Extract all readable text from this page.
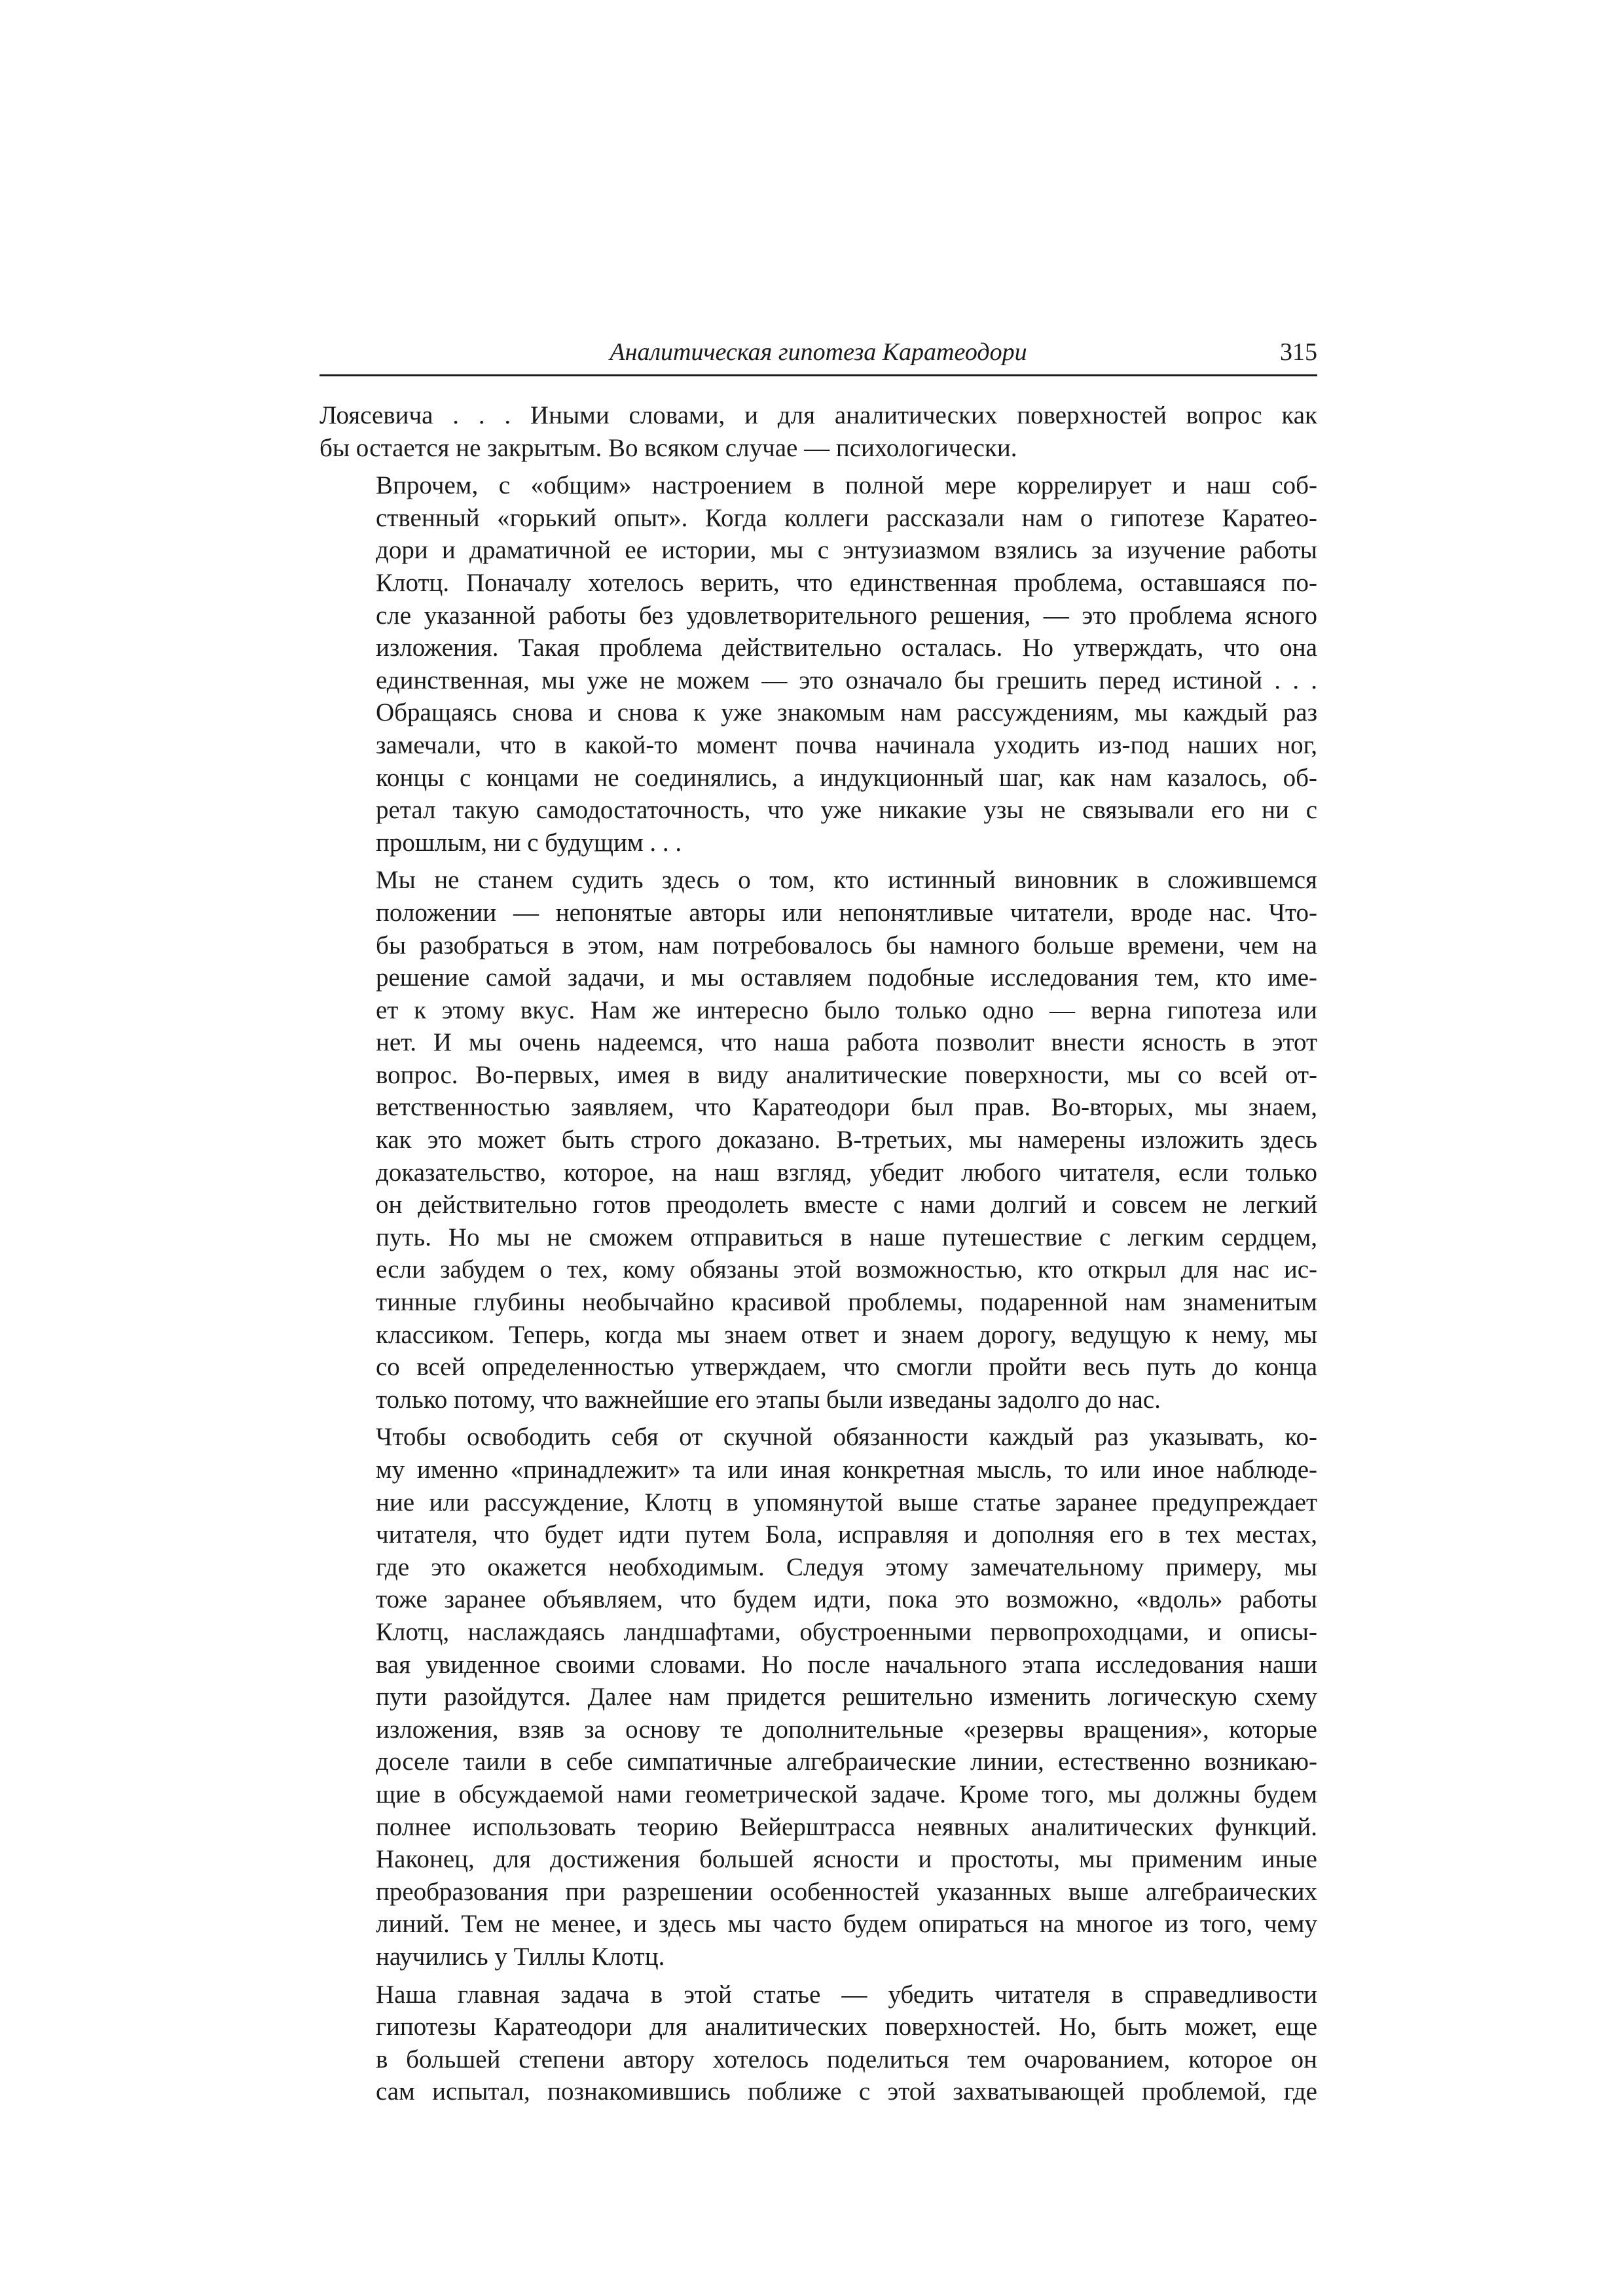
Аналитическая гипотеза Каратеодори	315

Лоясевича . . . Иными словами, и для аналитических поверхностей вопрос как
бы остается не закрытым. Во всяком случае — психологически.

Впрочем, с «общим» настроением в полной мере коррелирует и наш соб-
ственный «горький опыт». Когда коллеги рассказали нам о гипотезе Каратео-
дори и драматичной ее истории, мы с энтузиазмом взялись за изучение работы
Клотц. Поначалу хотелось верить, что единственная проблема, оставшаяся по-
сле указанной работы без удовлетворительного решения, — это проблема ясного
изложения. Такая проблема действительно осталась. Но утверждать, что она
единственная, мы уже не можем — это означало бы грешить перед истиной . . .
Обращаясь снова и снова к уже знакомым нам рассуждениям, мы каждый раз
замечали, что в какой-то момент почва начинала уходить из-под наших ног,
концы с концами не соединялись, а индукционный шаг, как нам казалось, об-
ретал такую самодостаточность, что уже никакие узы не связывали его ни с
прошлым, ни с будущим . . .

Мы не станем судить здесь о том, кто истинный виновник в сложившемся
положении — непонятые авторы или непонятливые читатели, вроде нас. Что-
бы разобраться в этом, нам потребовалось бы намного больше времени, чем на
решение самой задачи, и мы оставляем подобные исследования тем, кто име-
ет к этому вкус. Нам же интересно было только одно — верна гипотеза или
нет. И мы очень надеемся, что наша работа позволит внести ясность в этот
вопрос. Во-первых, имея в виду аналитические поверхности, мы со всей от-
ветственностью заявляем, что Каратеодори был прав. Во-вторых, мы знаем,
как это может быть строго доказано. В-третьих, мы намерены изложить здесь
доказательство, которое, на наш взгляд, убедит любого читателя, если только
он действительно готов преодолеть вместе с нами долгий и совсем не легкий
путь. Но мы не сможем отправиться в наше путешествие с легким сердцем,
если забудем о тех, кому обязаны этой возможностью, кто открыл для нас ис-
тинные глубины необычайно красивой проблемы, подаренной нам знаменитым
классиком. Теперь, когда мы знаем ответ и знаем дорогу, ведущую к нему, мы
со всей определенностью утверждаем, что смогли пройти весь путь до конца
только потому, что важнейшие его этапы были изведаны задолго до нас.

Чтобы освободить себя от скучной обязанности каждый раз указывать, ко-
му именно «принадлежит» та или иная конкретная мысль, то или иное наблюде-
ние или рассуждение, Клотц в упомянутой выше статье заранее предупреждает
читателя, что будет идти путем Бола, исправляя и дополняя его в тех местах,
где это окажется необходимым. Следуя этому замечательному примеру, мы
тоже заранее объявляем, что будем идти, пока это возможно, «вдоль» работы
Клотц, наслаждаясь ландшафтами, обустроенными первопроходцами, и описы-
вая увиденное своими словами. Но после начального этапа исследования наши
пути разойдутся. Далее нам придется решительно изменить логическую схему
изложения, взяв за основу те дополнительные «резервы вращения», которые
доселе таили в себе симпатичные алгебраические линии, естественно возникаю-
щие в обсуждаемой нами геометрической задаче. Кроме того, мы должны будем
полнее использовать теорию Вейерштрасса неявных аналитических функций.
Наконец, для достижения большей ясности и простоты, мы применим иные
преобразования при разрешении особенностей указанных выше алгебраических
линий. Тем не менее, и здесь мы часто будем опираться на многое из того, чему
научились у Тиллы Клотц.

Наша главная задача в этой статье — убедить читателя в справедливости
гипотезы Каратеодори для аналитических поверхностей. Но, быть может, еще
в большей степени автору хотелось поделиться тем очарованием, которое он
сам испытал, познакомившись поближе с этой захватывающей проблемой, где
